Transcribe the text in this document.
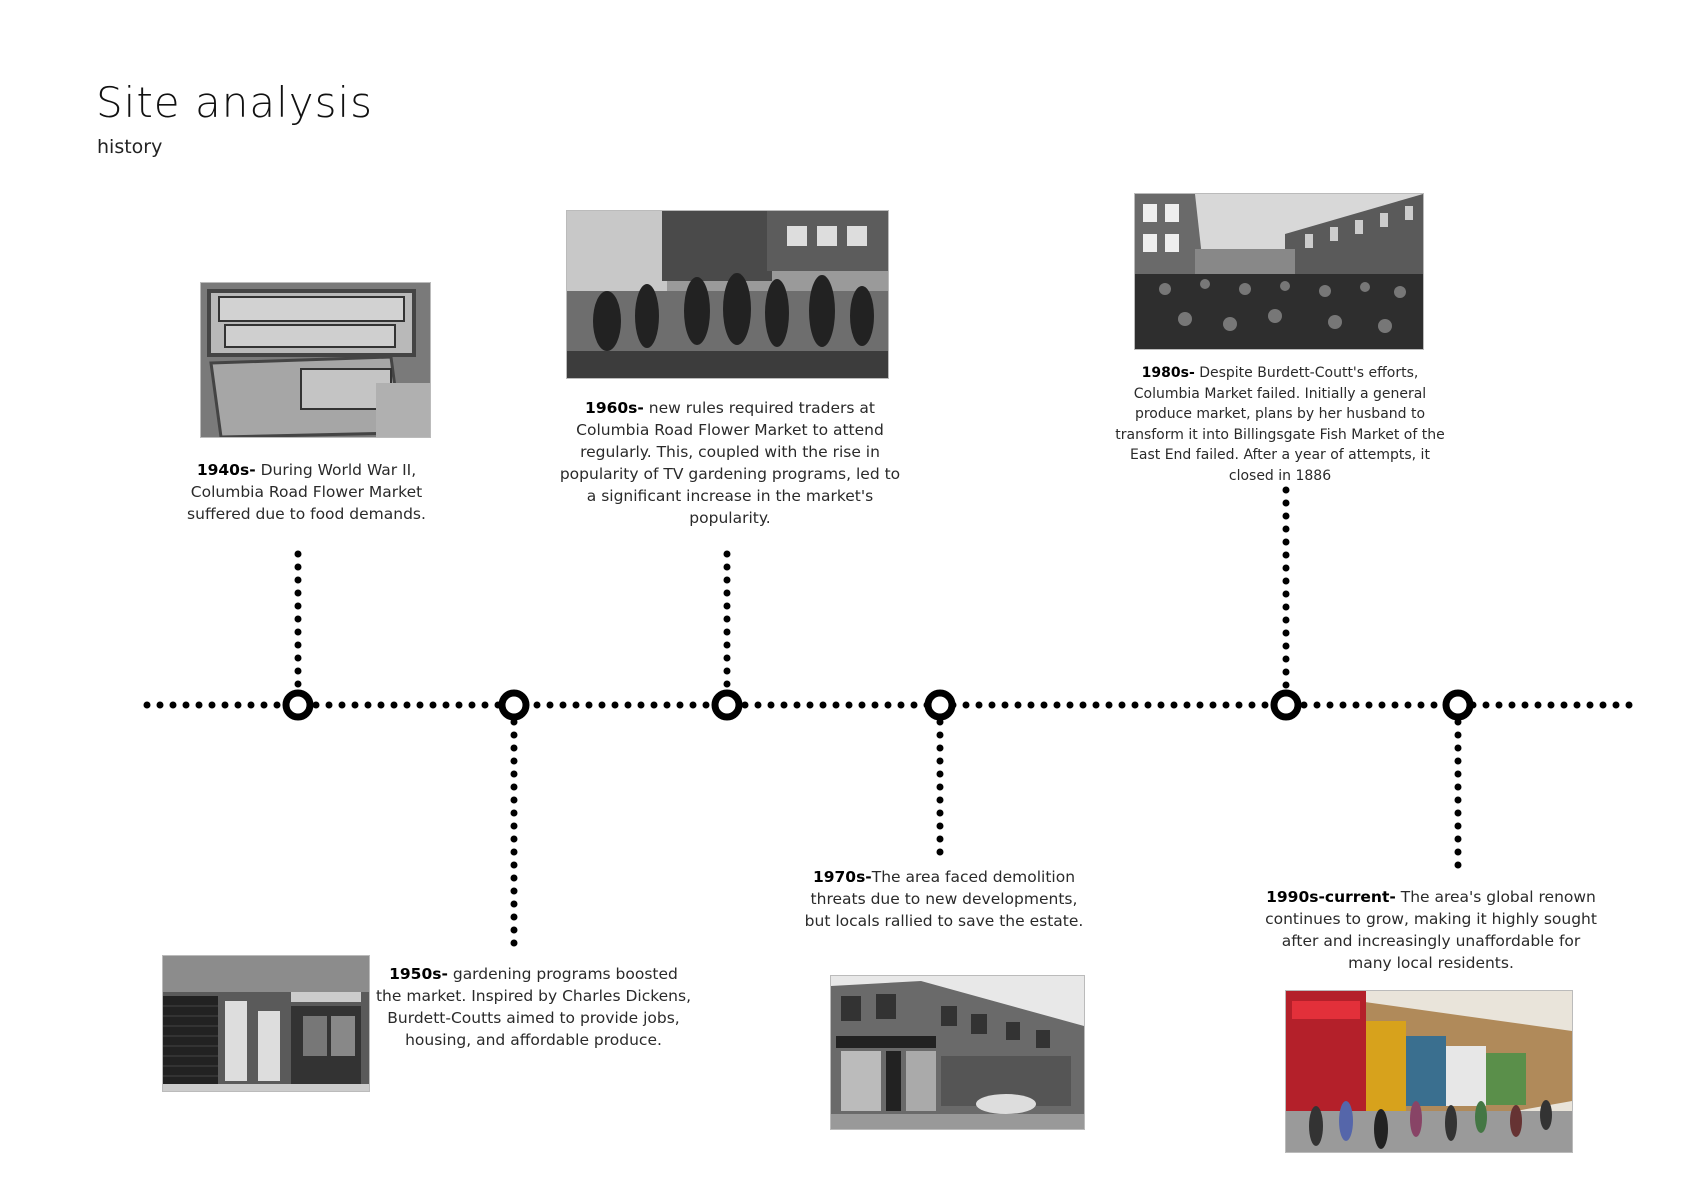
Site analysis
history
1940s- During World War II, Columbia Road Flower Market suffered due to food demands.
1950s- gardening programs boosted the market. Inspired by Charles Dickens, Burdett-Coutts aimed to provide jobs, housing, and affordable produce.
1960s- new rules required traders at Columbia Road Flower Market to attend regularly. This, coupled with the rise in popularity of TV gardening programs, led to a significant increase in the market's popularity.
1970s-The area faced demolition threats due to new developments, but locals rallied to save the estate.
1980s- Despite Burdett-Coutt's efforts, Columbia Market failed. Initially a general produce market, plans by her husband to transform it into Billingsgate Fish Market of the East End failed. After a year of attempts, it closed in 1886
1990s-current- The area's global renown continues to grow, making it highly sought after and increasingly unaffordable for many local residents.
